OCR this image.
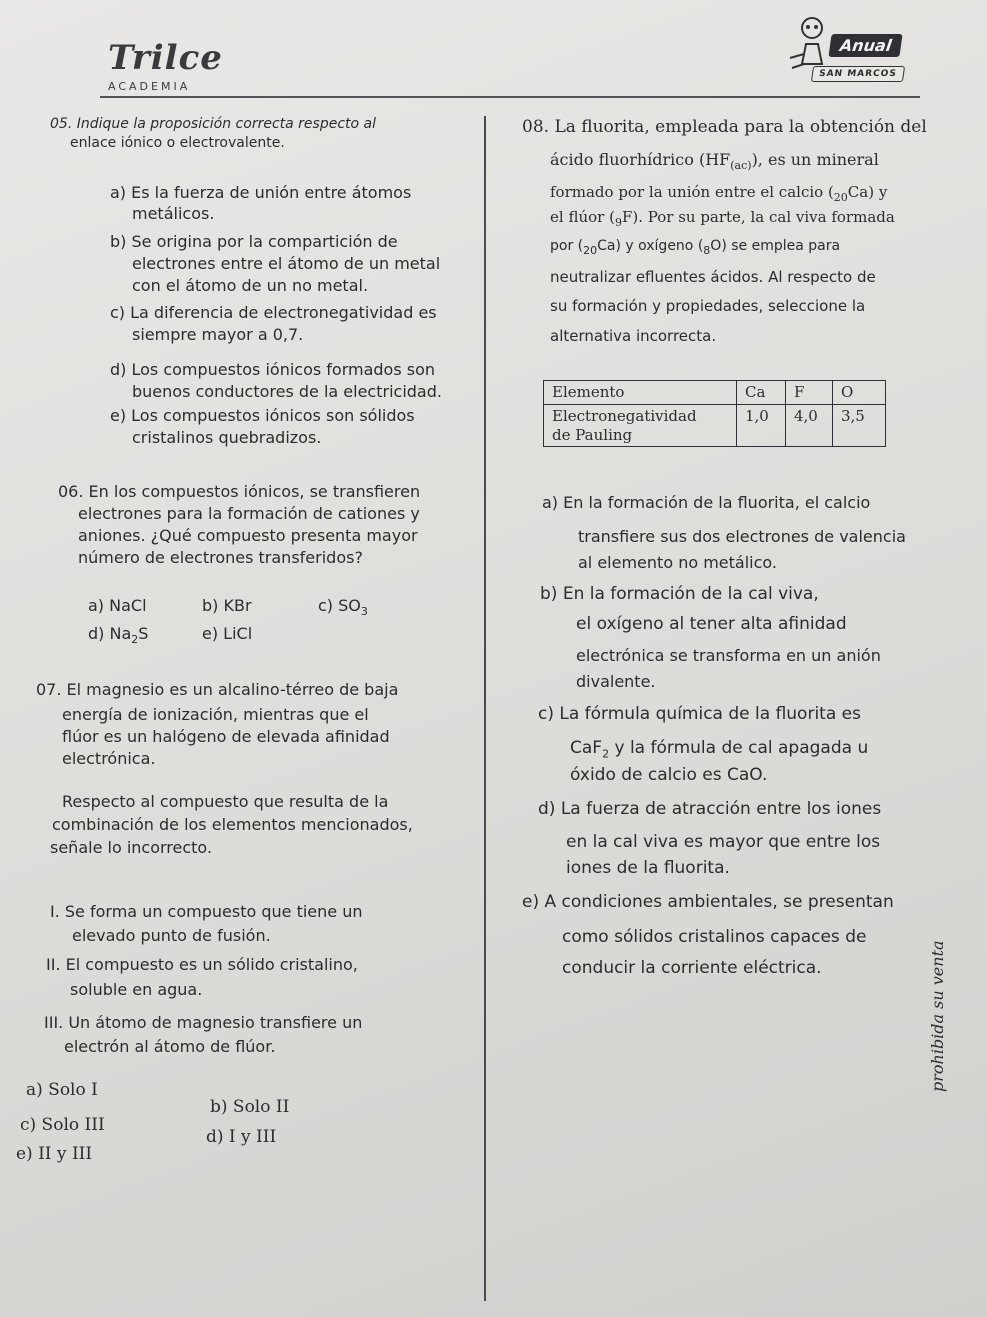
Trilce
ACADEMIA
Anual
SAN MARCOS

05. Indique la proposición correcta respecto al

enlace iónico o electrovalente.

a) Es la fuerza de unión entre átomos

metálicos.

b) Se origina por la compartición de

electrones entre el átomo de un metal

con el átomo de un no metal.

c) La diferencia de electronegatividad es

siempre mayor a 0,7.

d) Los compuestos iónicos formados son

buenos conductores de la electricidad.

e) Los compuestos iónicos son sólidos

cristalinos quebradizos.

06. En los compuestos iónicos, se transfieren

electrones para la formación de cationes y

aniones. ¿Qué compuesto presenta mayor

número de electrones transferidos?

a) NaCl	b) KBr	c) $SO_3$

d) $Na_2S$	e) LiCl

07. El magnesio es un alcalino-térreo de baja

energía de ionización, mientras que el

flúor es un halógeno de elevada afinidad

electrónica.

Respecto al compuesto que resulta de la

combinación de los elementos mencionados,

señale lo incorrecto.

I. Se forma un compuesto que tiene un

elevado punto de fusión.

II. El compuesto es un sólido cristalino,

soluble en agua.

III. Un átomo de magnesio transfiere un

electrón al átomo de flúor.

a) Solo I

b) Solo II

c) Solo III

d) I y III

e) II y III

08. La fluorita, empleada para la obtención del

ácido fluorhídrico $(HF_{(ac)})$, es un mineral

formado por la unión entre el calcio $(_{20}Ca)$ y

el flúor $(_9F)$. Por su parte, la cal viva formada

por $(_{20}Ca)$ y oxígeno $(_8O)$ se emplea para

neutralizar efluentes ácidos. Al respecto de

su formación y propiedades, seleccione la

alternativa incorrecta.

Elemento	Ca	F	O
Electronegatividad
de Pauling	1,0	4,0	3,5

a) En la formación de la fluorita, el calcio

transfiere sus dos electrones de valencia

al elemento no metálico.

b) En la formación de la cal viva,

el oxígeno al tener alta afinidad

electrónica se transforma en un anión

divalente.

c) La fórmula química de la fluorita es

CaF$_2$ y la fórmula de cal apagada u

óxido de calcio es CaO.

d) La fuerza de atracción entre los iones

en la cal viva es mayor que entre los

iones de la fluorita.

e) A condiciones ambientales, se presentan

como sólidos cristalinos capaces de

conducir la corriente eléctrica.	prohibida su venta
